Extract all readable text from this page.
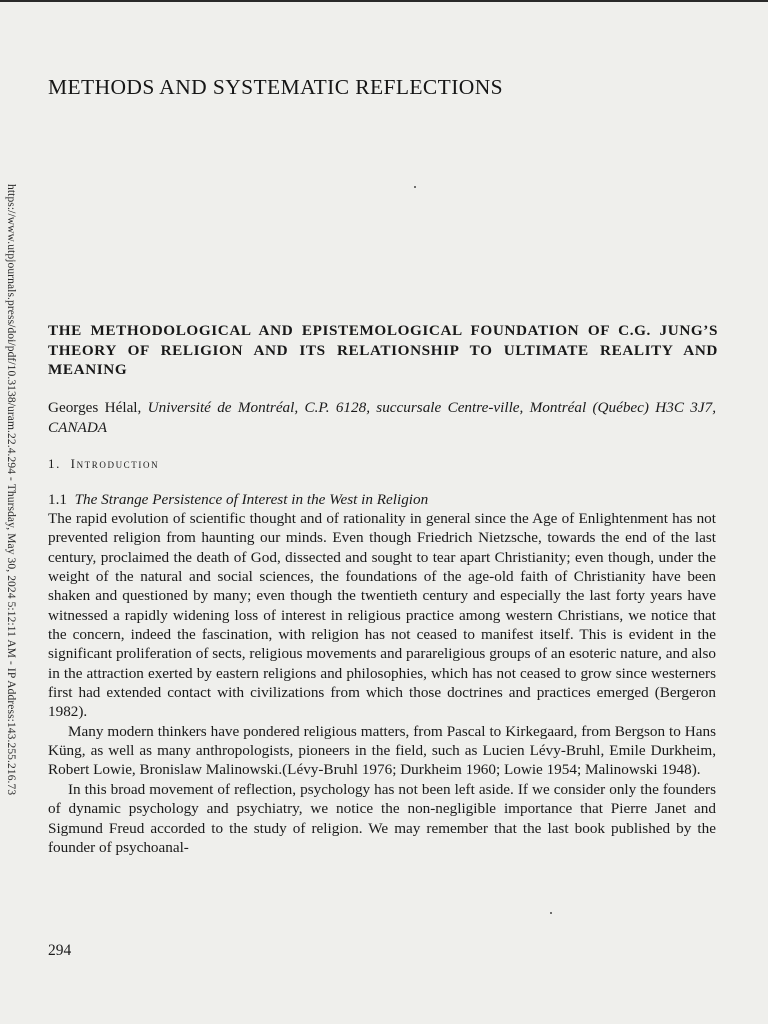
https://www.utpjournals.press/doi/pdf/10.3138/uram.22.4.294 - Thursday, May 30, 2024 5:12:11 AM - IP Address:143.255.216.73
METHODS AND SYSTEMATIC REFLECTIONS
THE METHODOLOGICAL AND EPISTEMOLOGICAL FOUNDATION OF C.G. JUNG’S THEORY OF RELIGION AND ITS RELATIONSHIP TO ULTIMATE REALITY AND MEANING
Georges Hélal, Université de Montréal, C.P. 6128, succursale Centre-ville, Montréal (Québec) H3C 3J7, CANADA
1. Introduction
1.1 The Strange Persistence of Interest in the West in Religion

The rapid evolution of scientific thought and of rationality in general since the Age of Enlightenment has not prevented religion from haunting our minds. Even though Friedrich Nietzsche, towards the end of the last century, proclaimed the death of God, dissected and sought to tear apart Christianity; even though, under the weight of the natural and social sciences, the foundations of the age-old faith of Christianity have been shaken and questioned by many; even though the twentieth century and especially the last forty years have witnessed a rapidly widening loss of interest in religious practice among western Christians, we notice that the concern, indeed the fascination, with religion has not ceased to manifest itself. This is evident in the significant proliferation of sects, religious movements and parareligious groups of an esoteric nature, and also in the attraction exerted by eastern religions and philosophies, which has not ceased to grow since westerners first had extended contact with civilizations from which those doctrines and practices emerged (Bergeron 1982).

Many modern thinkers have pondered religious matters, from Pascal to Kirkegaard, from Bergson to Hans Küng, as well as many anthropologists, pioneers in the field, such as Lucien Lévy-Bruhl, Emile Durkheim, Robert Lowie, Bronislaw Malinowski.(Lévy-Bruhl 1976; Durkheim 1960; Lowie 1954; Malinowski 1948).

In this broad movement of reflection, psychology has not been left aside. If we consider only the founders of dynamic psychology and psychiatry, we notice the non-negligible importance that Pierre Janet and Sigmund Freud accorded to the study of religion. We may remember that the last book published by the founder of psychoanal-

294
